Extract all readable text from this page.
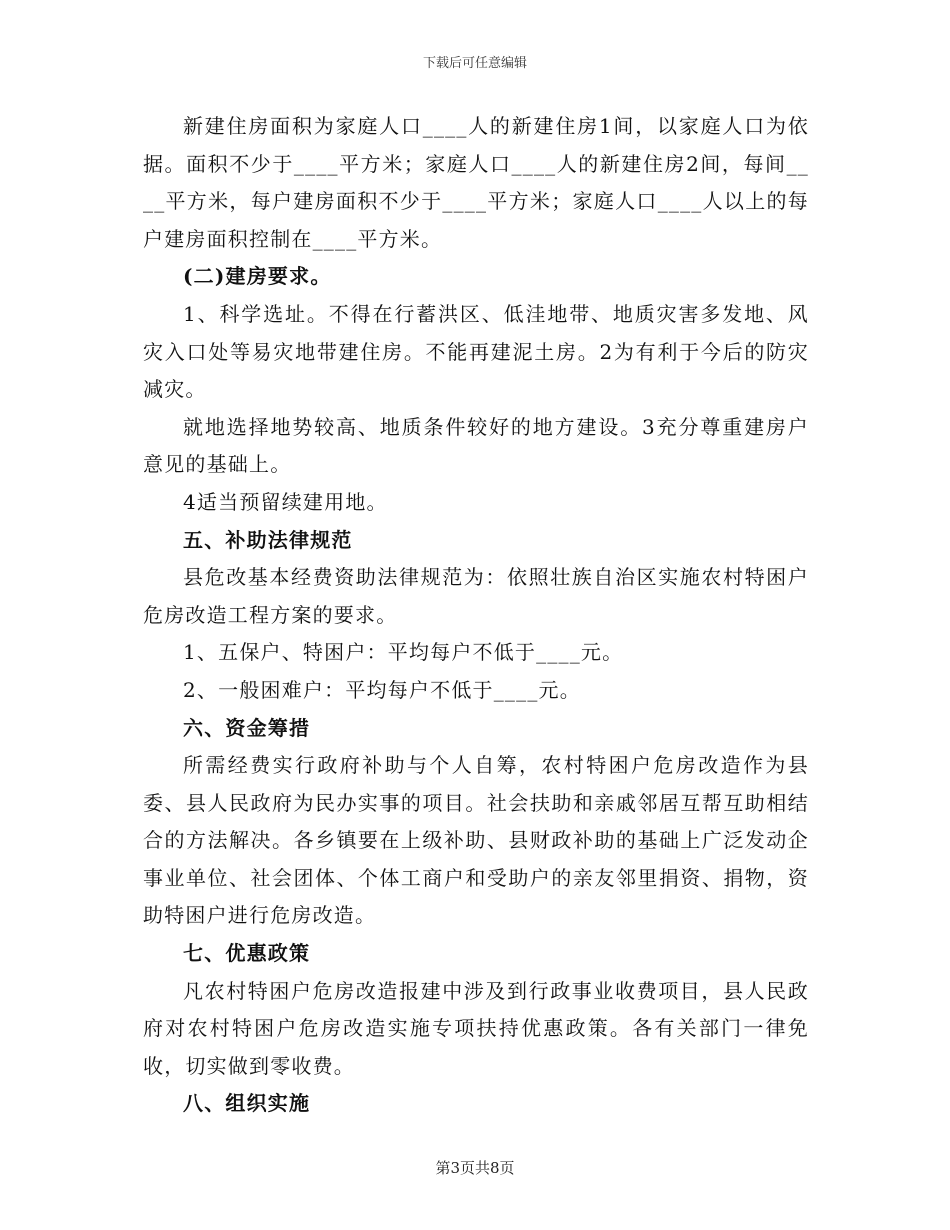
下载后可任意编辑

新建住房面积为家庭人口____人的新建住房1间，以家庭人口为依据。面积不少于____平方米；家庭人口____人的新建住房2间，每间____平方米，每户建房面积不少于____平方米；家庭人口____人以上的每户建房面积控制在____平方米。

(二)建房要求。

1、科学选址。不得在行蓄洪区、低洼地带、地质灾害多发地、风灾入口处等易灾地带建住房。不能再建泥土房。2为有利于今后的防灾减灾。

就地选择地势较高、地质条件较好的地方建设。3充分尊重建房户意见的基础上。

4适当预留续建用地。

五、补助法律规范

县危改基本经费资助法律规范为：依照壮族自治区实施农村特困户危房改造工程方案的要求。

1、五保户、特困户：平均每户不低于____元。

2、一般困难户：平均每户不低于____元。

六、资金筹措

所需经费实行政府补助与个人自筹，农村特困户危房改造作为县委、县人民政府为民办实事的项目。社会扶助和亲戚邻居互帮互助相结合的方法解决。各乡镇要在上级补助、县财政补助的基础上广泛发动企事业单位、社会团体、个体工商户和受助户的亲友邻里捐资、捐物，资助特困户进行危房改造。

七、优惠政策

凡农村特困户危房改造报建中涉及到行政事业收费项目，县人民政府对农村特困户危房改造实施专项扶持优惠政策。各有关部门一律免收，切实做到零收费。

八、组织实施

第3页共8页
